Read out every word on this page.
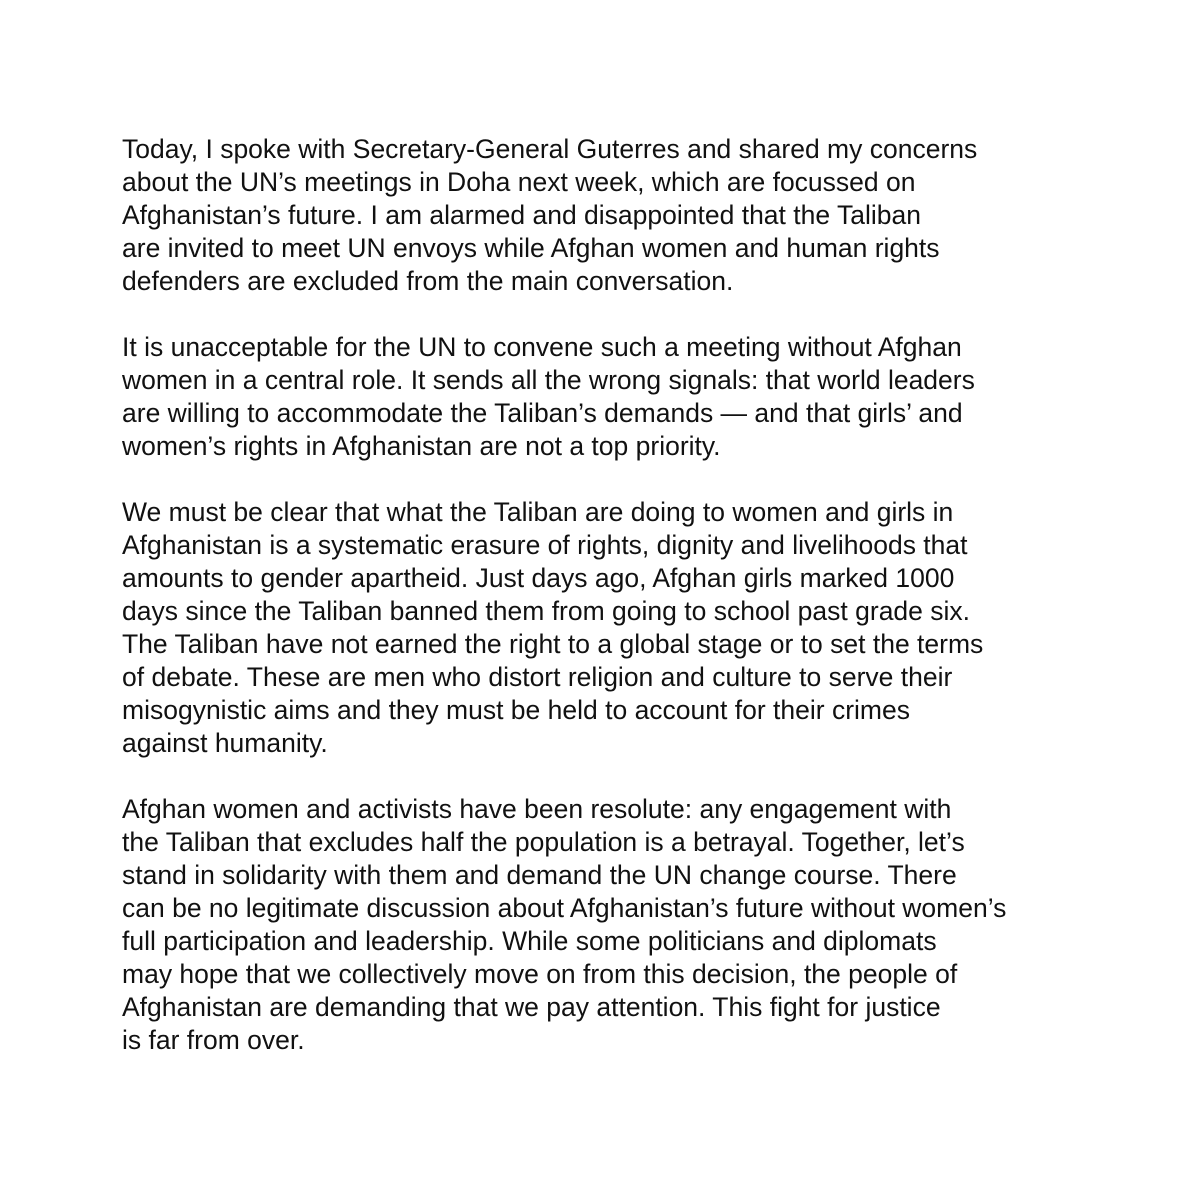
Today, I spoke with Secretary-General Guterres and shared my concerns
about the UN’s meetings in Doha next week, which are focussed on
Afghanistan’s future. I am alarmed and disappointed that the Taliban
are invited to meet UN envoys while Afghan women and human rights
defenders are excluded from the main conversation.

It is unacceptable for the UN to convene such a meeting without Afghan
women in a central role. It sends all the wrong signals: that world leaders
are willing to accommodate the Taliban’s demands — and that girls’ and
women’s rights in Afghanistan are not a top priority.

We must be clear that what the Taliban are doing to women and girls in
Afghanistan is a systematic erasure of rights, dignity and livelihoods that
amounts to gender apartheid. Just days ago, Afghan girls marked 1000
days since the Taliban banned them from going to school past grade six.
The Taliban have not earned the right to a global stage or to set the terms
of debate. These are men who distort religion and culture to serve their
misogynistic aims and they must be held to account for their crimes
against humanity.

Afghan women and activists have been resolute: any engagement with
the Taliban that excludes half the population is a betrayal. Together, let’s
stand in solidarity with them and demand the UN change course. There
can be no legitimate discussion about Afghanistan’s future without women’s
full participation and leadership. While some politicians and diplomats
may hope that we collectively move on from this decision, the people of
Afghanistan are demanding that we pay attention. This fight for justice
is far from over.
